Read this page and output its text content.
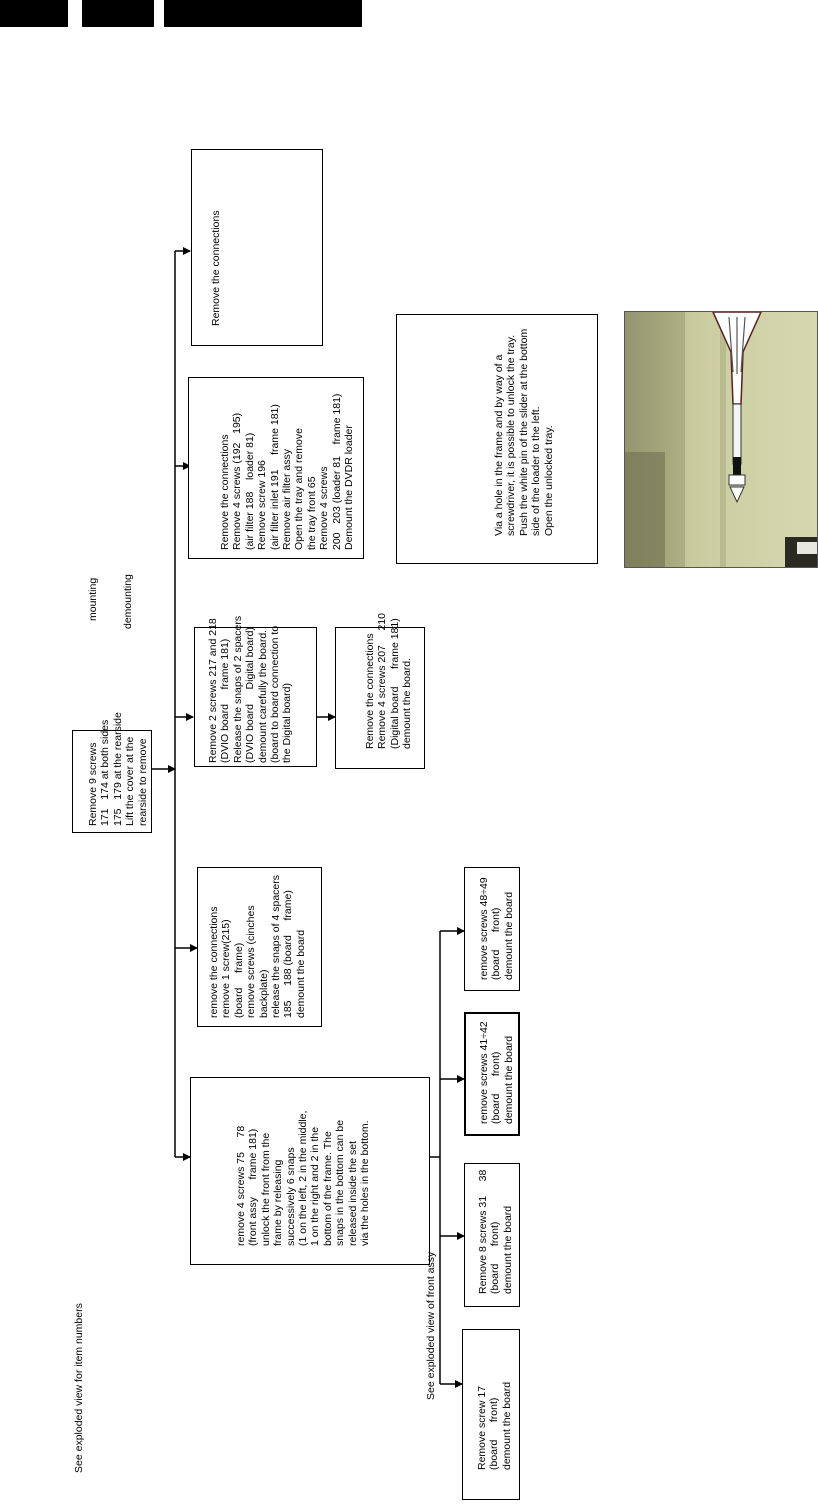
Remove 9 screws
171   174 at both sides
175   179 at the rearside
Lift the cover at the
rearside to remove
Remove the connections
Remove the connections
Remove 4 screws (192   195)
(air filter 188    loader 81)
Remove screw 196
(air filter inlet 191     frame 181)
Remove air filter assy
Open the tray and remove
the tray front 65
Remove 4 screws
200   203 (loader 81    frame 181)
Demount the DVDR loader
mounting demounting
Remove 2 screws 217 and 218
(DVIO board     frame 181)
Release the snaps of 2 spacers
(DVIO board     Digital board)
demount carefully the board.
(board to board connection to
the Digital board)
Remove the connections
Remove 4 screws 207     210
(Digital board      frame 181)
demount the board.
Via a hole in the frame and by way of a
screwdriver, it is possible to unlock the tray.
Push the white pin of the slider at the bottom
side of the loader to the left.
Open the unlocked tray.
remove the connections
remove 1 screw(215)
(board     frame)
remove screws (cinches
backplate)
release the snaps of 4 spacers
185     188 (board     frame)
demount the board
remove 4 screws 75     78
(front assy      frame 181)
unlock the front from the
frame by releasing
successively 6 snaps
(1 on the left, 2 in the middle,
1 on the right and 2 in the
bottom of the frame. The
snaps in the bottom can be
released inside the set
via the holes in the bottom.
remove screws 48÷49
(board      front)
demount the board
remove screws 41÷42
(board      front)
demount the board
Remove 8 screws 31     38
(board      front)
demount the board
Remove screw 17
(board      front)
demount the board
See exploded view for item numbers	See exploded view of front assy
